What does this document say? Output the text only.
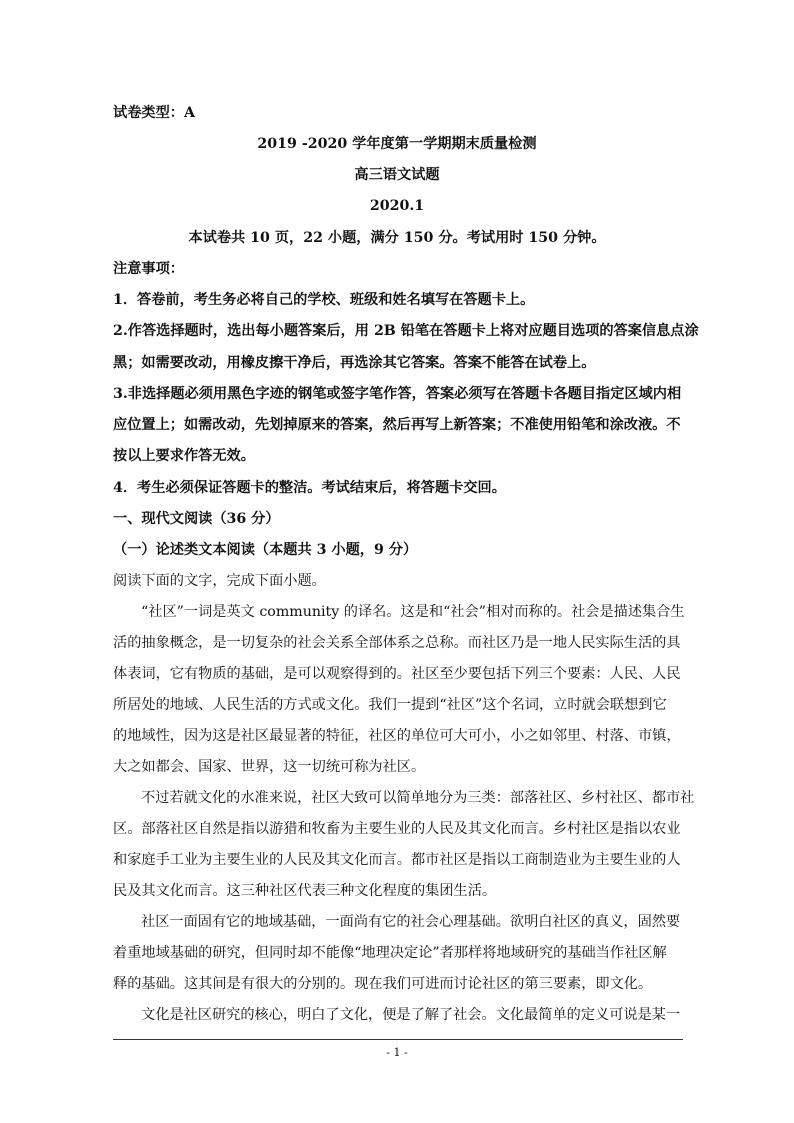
试卷类型：A
2019 -2020 学年度第一学期期末质量检测
高三语文试题
2020.1
本试卷共 10 页，22 小题，满分 150 分。考试用时 150 分钟。
注意事项：
1．答卷前，考生务必将自己的学校、班级和姓名填写在答题卡上。
2.作答选择题时，选出每小题答案后，用 2B 铅笔在答题卡上将对应题目选项的答案信息点涂
黑；如需要改动，用橡皮擦干净后，再选涂其它答案。答案不能答在试卷上。
3.非选择题必须用黑色字迹的钢笔或签字笔作答，答案必须写在答题卡各题目指定区域内相
应位置上；如需改动，先划掉原来的答案，然后再写上新答案；不准使用铅笔和涂改液。不
按以上要求作答无效。
4．考生必须保证答题卡的整洁。考试结束后，将答题卡交回。
一、现代文阅读（36 分）
（一）论述类文本阅读（本题共 3 小题，9 分）
阅读下面的文字，完成下面小题。
“社区”一词是英文 community 的译名。这是和“社会”相对而称的。社会是描述集合生
活的抽象概念，是一切复杂的社会关系全部体系之总称。而社区乃是一地人民实际生活的具
体表词，它有物质的基础，是可以观察得到的。社区至少要包括下列三个要素：人民、人民
所居处的地域、人民生活的方式或文化。我们一提到“社区”这个名词，立时就会联想到它
的地域性，因为这是社区最显著的特征，社区的单位可大可小，小之如邻里、村落、市镇，
大之如都会、国家、世界，这一切统可称为社区。
不过若就文化的水准来说，社区大致可以简单地分为三类：部落社区、乡村社区、都市社
区。部落社区自然是指以游猎和牧畜为主要生业的人民及其文化而言。乡村社区是指以农业
和家庭手工业为主要生业的人民及其文化而言。都市社区是指以工商制造业为主要生业的人
民及其文化而言。这三种社区代表三种文化程度的集团生活。
社区一面固有它的地域基础，一面尚有它的社会心理基础。欲明白社区的真义，固然要
着重地域基础的研究，但同时却不能像“地理决定论”者那样将地域研究的基础当作社区解
释的基础。这其间是有很大的分别的。现在我们可进而讨论社区的第三要素，即文化。
文化是社区研究的核心，明白了文化，便是了解了社会。文化最简单的定义可说是某一
- 1 -
